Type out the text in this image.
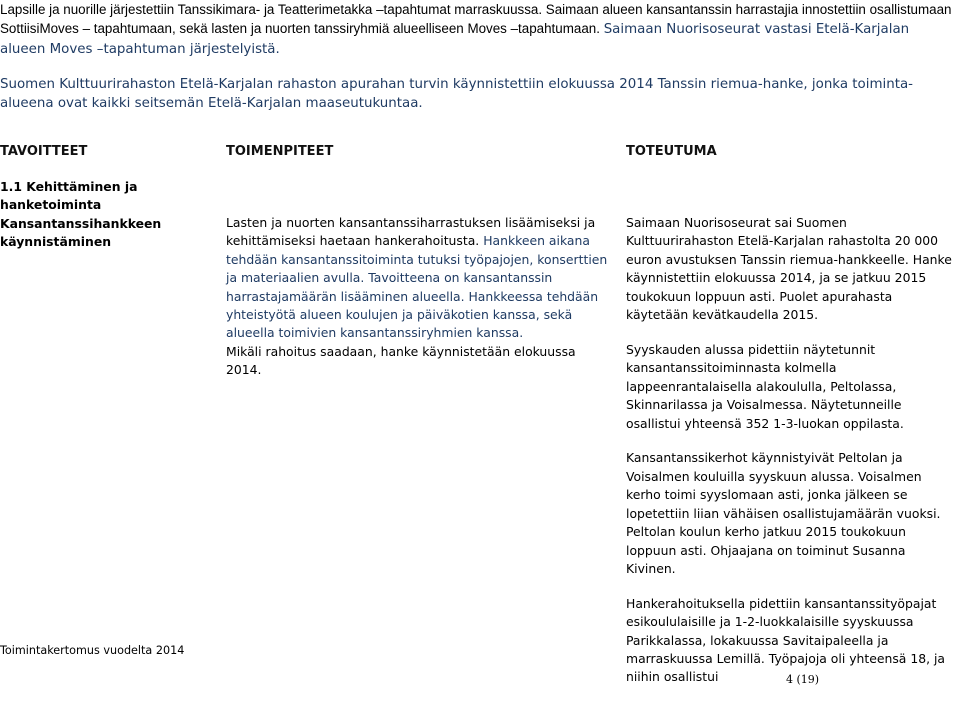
Lapsille ja nuorille järjestettiin Tanssikimara- ja Teatterimetakka –tapahtumat marraskuussa. Saimaan alueen kansantanssin harrastajia innostettiin osallistumaan SottiisiMoves – tapahtumaan, sekä lasten ja nuorten tanssiryhmiä alueelliseen Moves –tapahtumaan. Saimaan Nuorisoseurat vastasi Etelä-Karjalan alueen Moves –tapahtuman järjestelyistä.

Suomen Kulttuurirahaston Etelä-Karjalan rahaston apurahan turvin käynnistettiin elokuussa 2014 Tanssin riemua-hanke, jonka toiminta-alueena ovat kaikki seitsemän Etelä-Karjalan maaseutukuntaa.

TAVOITTEET	TOIMENPITEET	TOTEUTUMA
1.1 Kehittäminen ja hanketoiminta Kansantanssihankkeen käynnistäminen
Lasten ja nuorten kansantanssiharrastuksen lisäämiseksi ja kehittämiseksi haetaan hankerahoitusta. Hankkeen aikana tehdään kansantanssitoiminta tutuksi työpajojen, konserttien ja materiaalien avulla. Tavoitteena on kansantanssin harrastajamäärän lisääminen alueella. Hankkeessa tehdään yhteistyötä alueen koulujen ja päiväkotien kanssa, sekä alueella toimivien kansantanssiryhmien kanssa.
Mikäli rahoitus saadaan, hanke käynnistetään elokuussa 2014.

Saimaan Nuorisoseurat sai Suomen Kulttuurirahaston Etelä-Karjalan rahastolta 20 000 euron avustuksen Tanssin riemua-hankkeelle. Hanke käynnistettiin elokuussa 2014, ja se jatkuu 2015 toukokuun loppuun asti. Puolet apurahasta käytetään kevätkaudella 2015.

Syyskauden alussa pidettiin näytetunnit kansantanssitoiminnasta kolmella lappeenrantalaisella alakoululla, Peltolassa, Skinnarilassa ja Voisalmessa. Näytetunneille osallistui yhteensä 352 1-3-luokan oppilasta.

Kansantanssikerhot käynnistyivät Peltolan ja Voisalmen kouluilla syyskuun alussa. Voisalmen kerho toimi syyslomaan asti, jonka jälkeen se lopetettiin liian vähäisen osallistujamäärän vuoksi. Peltolan koulun kerho jatkuu 2015 toukokuun loppuun asti. Ohjaajana on toiminut Susanna Kivinen.

Hankerahoituksella pidettiin kansantanssityöpajat esikoululaisille ja 1-2-luokkalaisille syyskuussa Parikkalassa, lokakuussa Savitaipaleella ja marraskuussa Lemillä. Työpajoja oli yhteensä 18, ja niihin osallistui

Toimintakertomus vuodelta 2014
4 (19)
